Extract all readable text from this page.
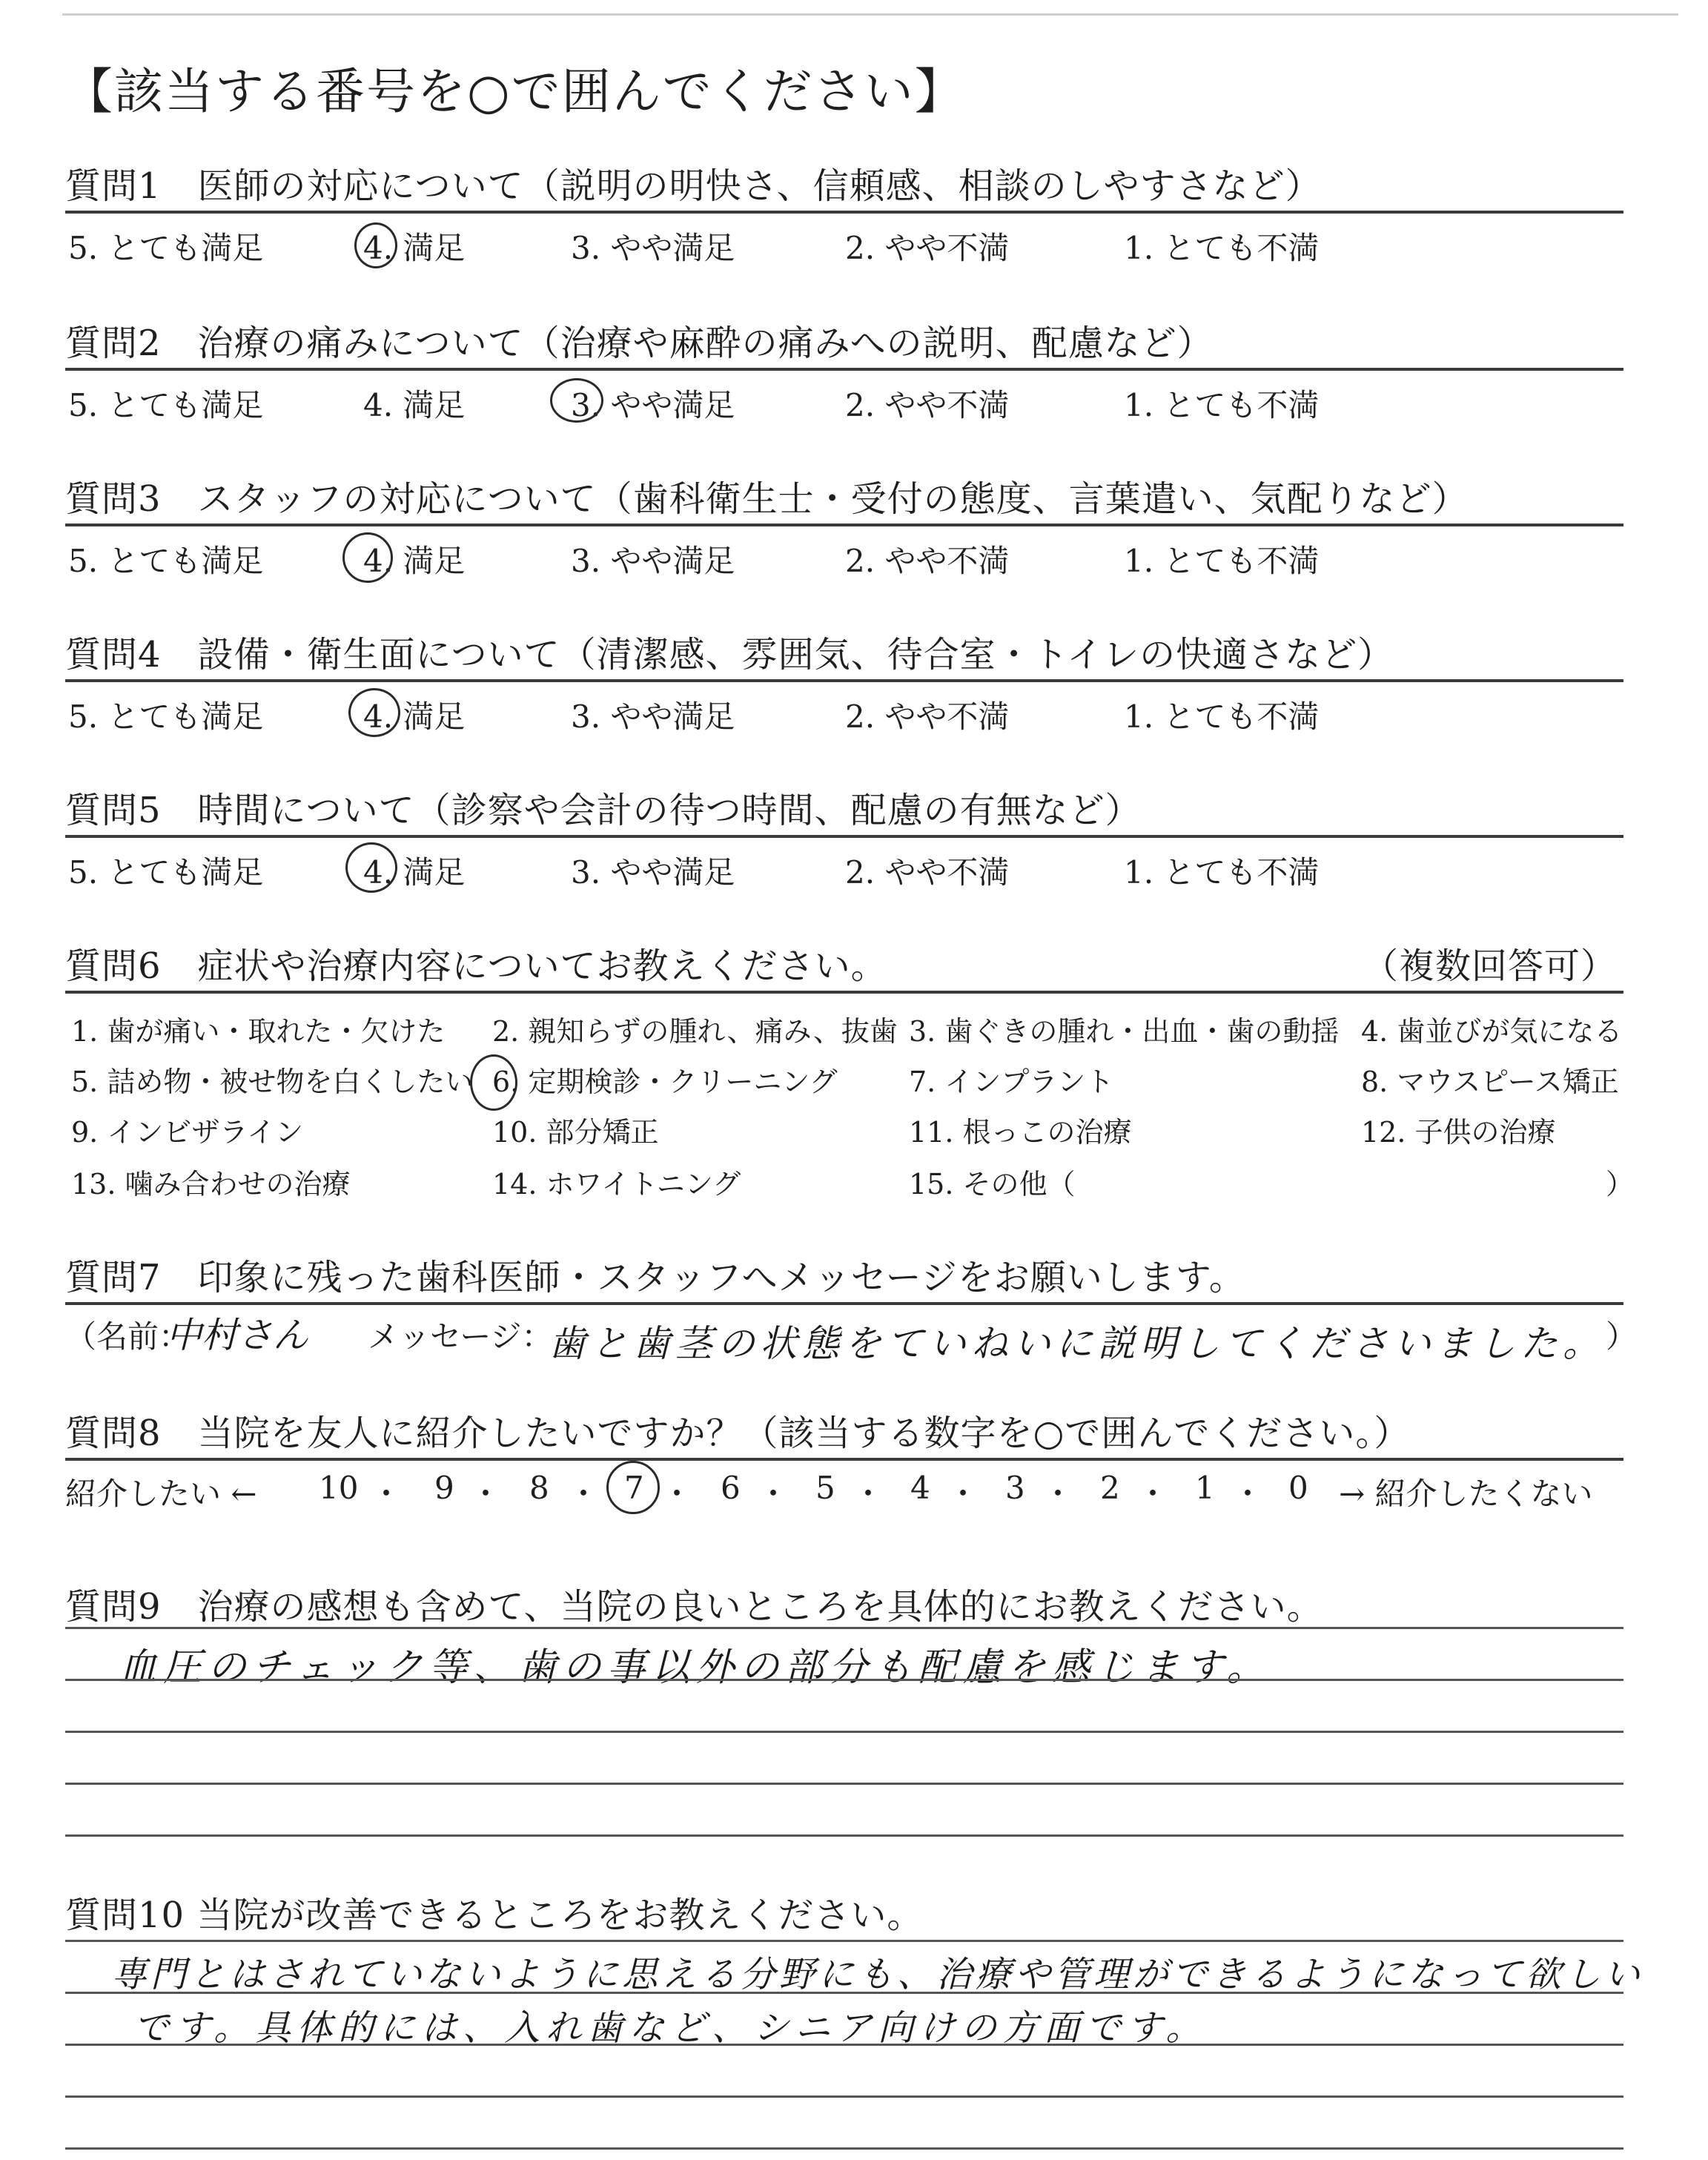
【該当する番号を○で囲んでください】
質問1　医師の対応について（説明の明快さ、信頼感、相談のしやすさなど）
5. とても満足	4. 満足	3. やや満足	2. やや不満	1. とても不満
質問2　治療の痛みについて（治療や麻酔の痛みへの説明、配慮など）
5. とても満足	4. 満足	3. やや満足	2. やや不満	1. とても不満
質問3　スタッフの対応について（歯科衛生士・受付の態度、言葉遣い、気配りなど）
5. とても満足	4. 満足	3. やや満足	2. やや不満	1. とても不満
質問4　設備・衛生面について（清潔感、雰囲気、待合室・トイレの快適さなど）
5. とても満足	4. 満足	3. やや満足	2. やや不満	1. とても不満
質問5　時間について（診察や会計の待つ時間、配慮の有無など）
5. とても満足	4. 満足	3. やや満足	2. やや不満	1. とても不満
質問6　症状や治療内容についてお教えください。	（複数回答可）
1. 歯が痛い・取れた・欠けた 2. 親知らずの腫れ、痛み、抜歯 3. 歯ぐきの腫れ・出血・歯の動揺 4. 歯並びが気になる
5. 詰め物・被せ物を白くしたい 6. 定期検診・クリーニング	7. インプラント	8. マウスピース矯正
9. インビザライン	10. 部分矯正	11. 根っこの治療	12. 子供の治療
13. 噛み合わせの治療	14. ホワイトニング	15. その他（	）
質問7　印象に残った歯科医師・スタッフへメッセージをお願いします。
（名前：
中村さん メッセージ：
歯と歯茎の状態をていねいに説明してくださいました。 ）
質問8　当院を友人に紹介したいですか？（該当する数字を○で囲んでください。）
紹介したい ← 10 ・ 9 ・ 8 ・ 7 ・ 6 ・ 5 ・ 4 ・ 3 ・ 2 ・ 1 ・ 0 → 紹介したくない
質問9　治療の感想も含めて、当院の良いところを具体的にお教えください。
血圧のチェック等、歯の事以外の部分も配慮を感じます。
質問10 当院が改善できるところをお教えください。
専門とはされていないように思える分野にも、治療や管理ができるようになって欲しい
です。具体的には、入れ歯など、シニア向けの方面です。
